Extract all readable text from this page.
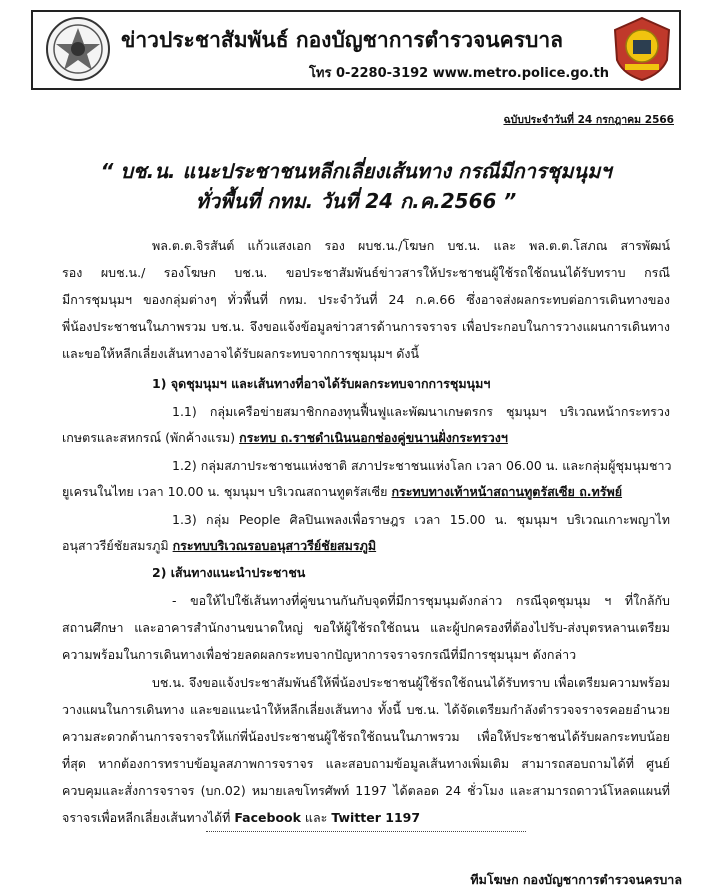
ข่าวประชาสัมพันธ์ กองบัญชาการตำรวจนครบาล
โทร 0-2280-3192 www.metro.police.go.th
ฉบับประจำวันที่ 24 กรกฎาคม 2566
“ บช.น. แนะประชาชนหลีกเลี่ยงเส้นทาง กรณีมีการชุมนุมฯ
ทั่วพื้นที่ กทม. วันที่ 24 ก.ค.2566 ”
พล.ต.ต.จิรสันต์ แก้วแสงเอก รอง ผบช.น./โฆษก บช.น. และ พล.ต.ต.โสภณ สารพัฒน์
รอง ผบช.น./ รองโฆษก บช.น. ขอประชาสัมพันธ์ข่าวสารให้ประชาชนผู้ใช้รถใช้ถนนได้รับทราบ กรณี
มีการชุมนุมฯ ของกลุ่มต่างๆ ทั่วพื้นที่ กทม. ประจำวันที่ 24 ก.ค.66 ซึ่งอาจส่งผลกระทบต่อการเดินทางของ
พี่น้องประชาชนในภาพรวม บช.น. จึงขอแจ้งข้อมูลข่าวสารด้านการจราจร เพื่อประกอบในการวางแผนการเดินทาง
และขอให้หลีกเลี่ยงเส้นทางอาจได้รับผลกระทบจากการชุมนุมฯ ดังนี้
1) จุดชุมนุมฯ และเส้นทางที่อาจได้รับผลกระทบจากการชุมนุมฯ
1.1) กลุ่มเครือข่ายสมาชิกกองทุนฟื้นฟูและพัฒนาเกษตรกร ชุมนุมฯ บริเวณหน้ากระทรวง
เกษตรและสหกรณ์ (พักค้างแรม) กระทบ ถ.ราชดำเนินนอกช่องคู่ขนานฝั่งกระทรวงฯ
1.2) กลุ่มสภาประชาชนแห่งชาติ สภาประชาชนแห่งโลก เวลา 06.00 น. และกลุ่มผู้ชุมนุมชาว
ยูเครนในไทย เวลา 10.00 น. ชุมนุมฯ บริเวณสถานทูตรัสเซีย กระทบทางเท้าหน้าสถานทูตรัสเซีย ถ.ทรัพย์
1.3) กลุ่ม People ศิลปินเพลงเพื่อราษฎร เวลา 15.00 น. ชุมนุมฯ บริเวณเกาะพญาไท
อนุสาวรีย์ชัยสมรภูมิ กระทบบริเวณรอบอนุสาวรีย์ชัยสมรภูมิ
2) เส้นทางแนะนำประชาชน
- ขอให้ไปใช้เส้นทางที่คู่ขนานกันกับจุดที่มีการชุมนุมดังกล่าว กรณีจุดชุมนุม ฯ ที่ใกล้กับ
สถานศึกษา และอาคารสำนักงานขนาดใหญ่ ขอให้ผู้ใช้รถใช้ถนน และผู้ปกครองที่ต้องไปรับ-ส่งบุตรหลานเตรียม
ความพร้อมในการเดินทางเพื่อช่วยลดผลกระทบจากปัญหาการจราจรกรณีที่มีการชุมนุมฯ ดังกล่าว
บช.น. จึงขอแจ้งประชาสัมพันธ์ให้พี่น้องประชาชนผู้ใช้รถใช้ถนนได้รับทราบ เพื่อเตรียมความพร้อม
วางแผนในการเดินทาง และขอแนะนำให้หลีกเลี่ยงเส้นทาง ทั้งนี้ บช.น. ได้จัดเตรียมกำลังตำรวจจราจรคอยอำนวย
ความสะดวกด้านการจราจรให้แก่พี่น้องประชาชนผู้ใช้รถใช้ถนนในภาพรวม เพื่อให้ประชาชนได้รับผลกระทบน้อย
ที่สุด หากต้องการทราบข้อมูลสภาพการจราจร และสอบถามข้อมูลเส้นทางเพิ่มเติม สามารถสอบถามได้ที่ ศูนย์
ควบคุมและสั่งการจราจร (บก.02) หมายเลขโทรศัพท์ 1197 ได้ตลอด 24 ชั่วโมง และสามารถดาวน์โหลดแผนที่
จราจรเพื่อหลีกเลี่ยงเส้นทางได้ที่ Facebook และ Twitter 1197
ทีมโฆษก กองบัญชาการตำรวจนครบาล
